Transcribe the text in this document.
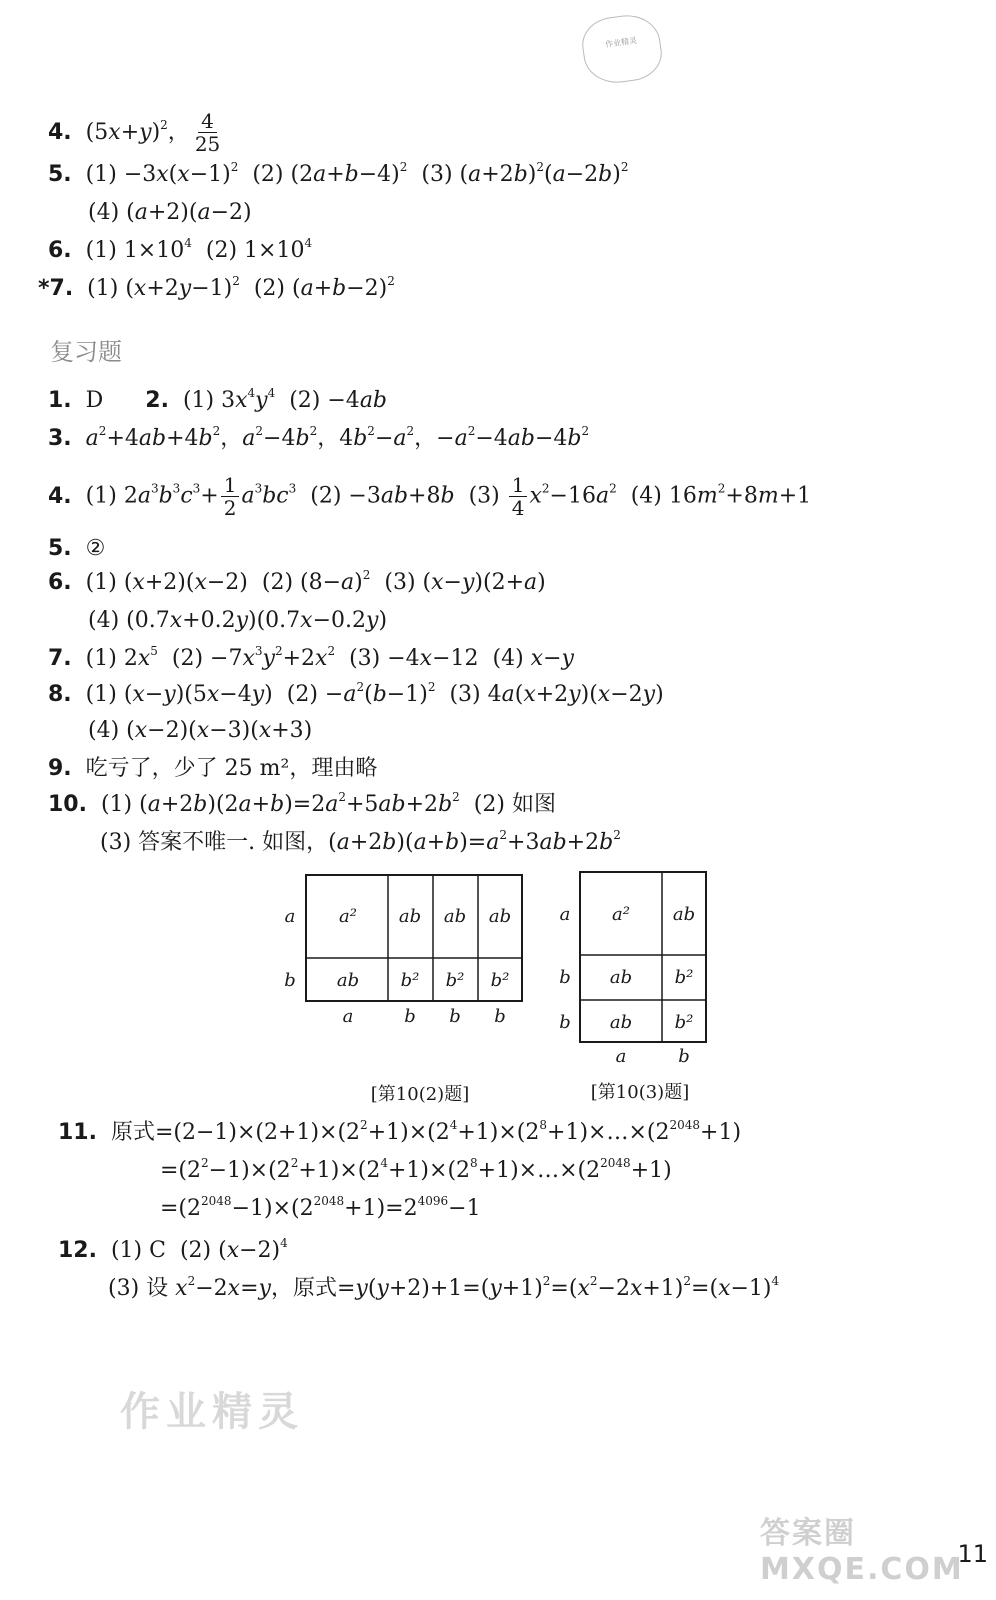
作业精灵
4. $(5x+y)^2$， $\frac{4}{25}$
5.  $(1) -3x(x-1)^2$  (2) $(2a+b-4)^2$  (3) $(a+2b)^2(a-2b)^2$
(4) (a+2)(a−2)
6.  (1) $1\times 10^4$  (2) $1\times 10^4$
*7.  (1) $(x+2y-1)^2$  (2) $(a+b-2)^2$
复习题
1. D 2.  (1) $3x^4y^4$  (2) −4ab
3. $a^2+4ab+4b^2$，$a^2-4b^2$，$4b^2-a^2$，$-a^2-4ab-4b^2$
4.  (1) $2a^3b^3c^3+ \frac{1}{2} a^3bc^3$  (2) −3ab+8b  $(3) \frac{1}{4} x^2-16a^2$  (4) $16m^2+8m+1$
5. ②
6.  (1) (x+2)(x−2)  (2) $(8-a)^2$  (3) (x−y)(2+a)
(4) (0.7x+0.2y)(0.7x−0.2y)
7.  (1) $2x^5$  $(2) -7x^3y^2+2x^2$  (3) −4x−12  (4) x−y
8.  (1) (x−y)(5x−4y)  $(2) -a^2(b-1)^2$  (3) 4a(x+2y)(x−2y)
(4) (x−2)(x−3)(x+3)
9. 吃亏了，少了 25 m²，理由略
10.  (1) $(a+2b)(2a+b)=2a^2+5ab+2b^2$  (2) 如图
(3) 答案不唯一. 如图，$(a+2b)(a+b)=a^2+3ab+2b^2$
a² ab ab ab
ab b² b² b²
a
b
a	b b b
[第10(2)题]
a² ab
ab b²
ab b²
a
b
b
a	b
[第10(3)题]
11.  原式$=(2-1)\times(2+1)\times(2^2+1)\times(2^4+1)\times(2^8+1)\times\dots\times(2^{2048}+1)$
$=(2^2-1)\times(2^2+1)\times(2^4+1)\times(2^8+1)\times\dots\times(2^{2048}+1)$
$=(2^{2048}-1)\times(2^{2048}+1)=2^{4096}-1$
12.  (1) C  (2) $(x-2)^4$
(3) 设 $x^2-2x=y$，原式$=y(y+2)+1=(y+1)^2=(x^2-2x+1)^2=(x-1)^4$
作业精灵
答案圈 MXQE.COM
11
